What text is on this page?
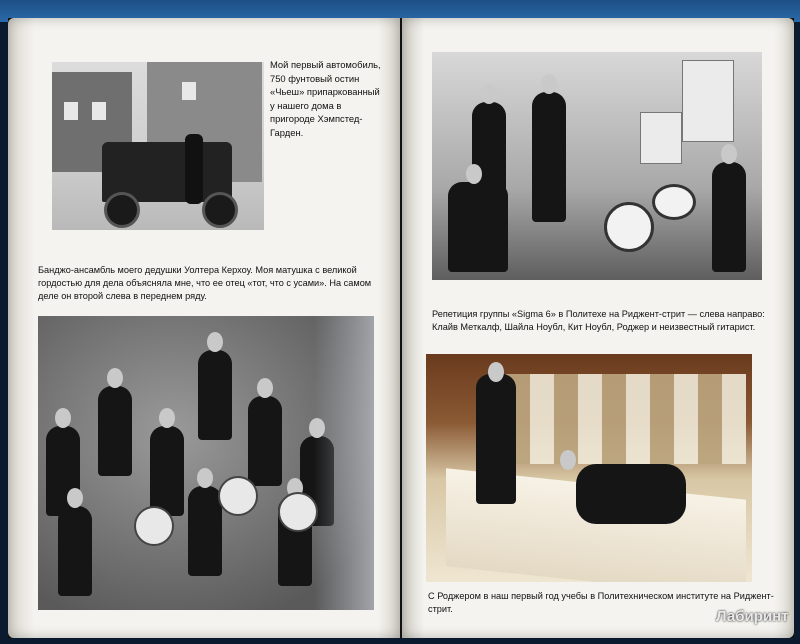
Мой первый автомобиль, 750 фунтовый остин «Чьеш» припаркованный у нашего дома в пригороде Хэмпстед-Гарден.
Банджо-ансамбль моего дедушки Уолтера Керхоу. Моя матушка с великой гордостью для дела объясняла мне, что ее отец «тот, что с усами». На самом деле он второй слева в переднем ряду.
Репетиция группы «Sigma 6» в Политехе на Риджент-стрит — слева направо: Клайв Меткалф, Шайла Ноубл, Кит Ноубл, Роджер и неизвестный гитарист.
С Роджером в наш первый год учебы в Политехническом институте на Риджент-стрит.	Лабиринт
